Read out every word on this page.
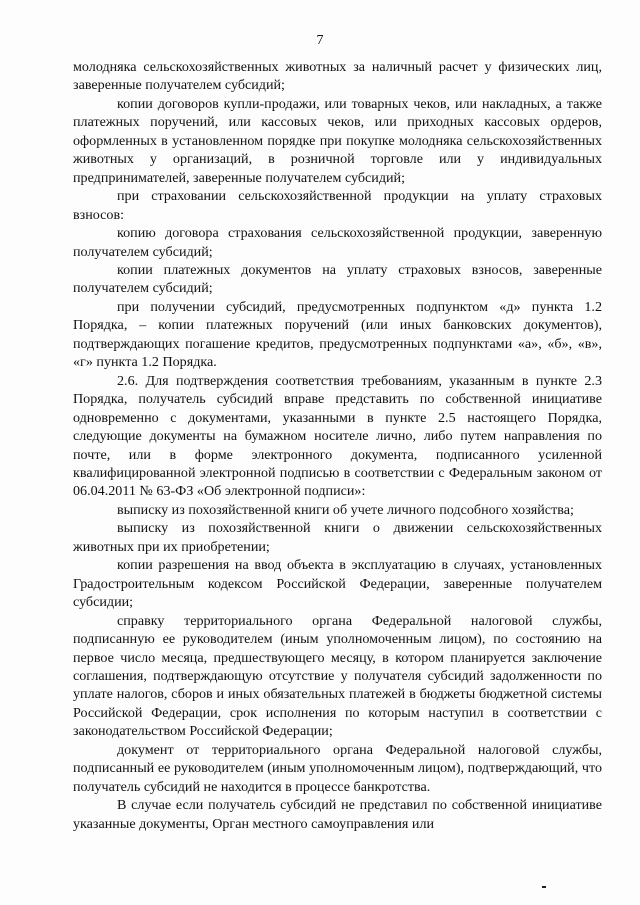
7

молодняка сельскохозяйственных животных за наличный расчет у физических лиц, заверенные получателем субсидий;

копии договоров купли-продажи, или товарных чеков, или накладных, а также платежных поручений, или кассовых чеков, или приходных кассовых ордеров, оформленных в установленном порядке при покупке молодняка сельскохозяйственных животных у организаций, в розничной торговле или у индивидуальных предпринимателей, заверенные получателем субсидий;

при страховании сельскохозяйственной продукции на уплату страховых взносов:

копию договора страхования сельскохозяйственной продукции, заверенную получателем субсидий;

копии платежных документов на уплату страховых взносов, заверенные получателем субсидий;

при получении субсидий, предусмотренных подпунктом «д» пункта 1.2 Порядка, – копии платежных поручений (или иных банковских документов), подтверждающих погашение кредитов, предусмотренных подпунктами «а», «б», «в», «г» пункта 1.2 Порядка.

2.6. Для подтверждения соответствия требованиям, указанным в пункте 2.3 Порядка, получатель субсидий вправе представить по собственной инициативе одновременно с документами, указанными в пункте 2.5 настоящего Порядка, следующие документы на бумажном носителе лично, либо путем направления по почте, или в форме электронного документа, подписанного усиленной квалифицированной электронной подписью в соответствии с Федеральным законом от 06.04.2011 № 63-ФЗ «Об электронной подписи»:

выписку из похозяйственной книги об учете личного подсобного хозяйства;

выписку из похозяйственной книги о движении сельскохозяйственных животных при их приобретении;

копии разрешения на ввод объекта в эксплуатацию в случаях, установленных Градостроительным кодексом Российской Федерации, заверенные получателем субсидии;

справку территориального органа Федеральной налоговой службы, подписанную ее руководителем (иным уполномоченным лицом), по состоянию на первое число месяца, предшествующего месяцу, в котором планируется заключение соглашения, подтверждающую отсутствие у получателя субсидий задолженности по уплате налогов, сборов и иных обязательных платежей в бюджеты бюджетной системы Российской Федерации, срок исполнения по которым наступил в соответствии с законодательством Российской Федерации;

документ от территориального органа Федеральной налоговой службы, подписанный ее руководителем (иным уполномоченным лицом), подтверждающий, что получатель субсидий не находится в процессе банкротства.

В случае если получатель субсидий не представил по собственной инициативе указанные документы, Орган местного самоуправления или
